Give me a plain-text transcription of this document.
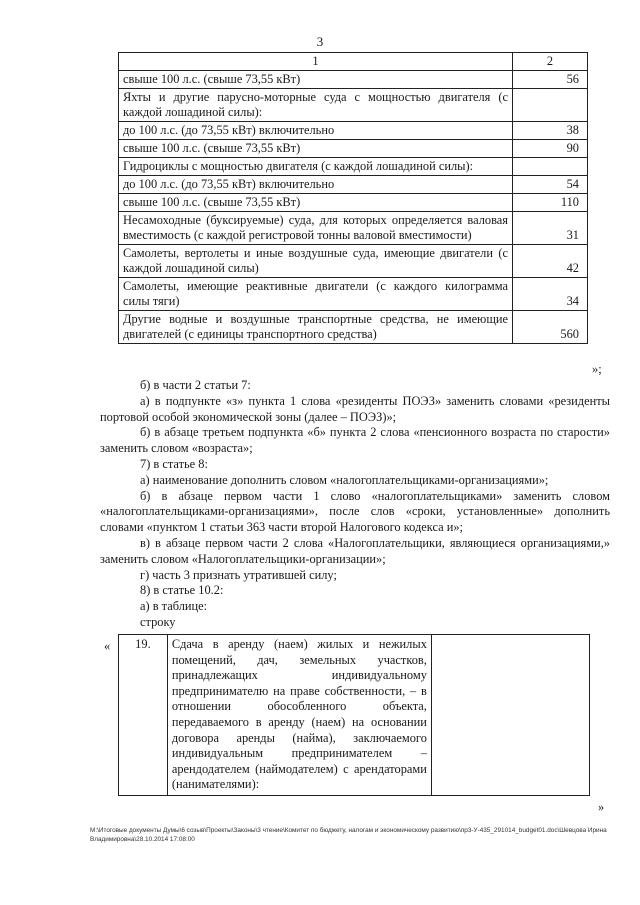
3
1	2
свыше 100 л.с. (свыше 73,55 кВт)	56
Яхты и другие парусно-моторные суда с мощностью двигателя (с каждой лошадиной силы):	
до 100 л.с. (до 73,55 кВт) включительно	38
свыше 100 л.с. (свыше 73,55 кВт)	90
Гидроциклы с мощностью двигателя (с каждой лошадиной силы):	
до 100 л.с. (до 73,55 кВт) включительно	54
свыше 100 л.с. (свыше 73,55 кВт)	110
Несамоходные (буксируемые) суда, для которых определяется валовая вместимость (с каждой регистровой тонны валовой вместимости)	31
Самолеты, вертолеты и иные воздушные суда, имеющие двигатели (с каждой лошадиной силы)	42
Самолеты, имеющие реактивные двигатели (с каждого килограмма силы тяги)	34
Другие водные и воздушные транспортные средства, не имеющие двигателей (с единицы транспортного средства)	560
»;

б) в части 2 статьи 7:

а) в подпункте «з» пункта 1 слова «резиденты ПОЭЗ» заменить словами «резиденты портовой особой экономической зоны (далее – ПОЭЗ)»;

б) в абзаце третьем подпункта «б» пункта 2 слова «пенсионного возраста по старости» заменить словом «возраста»;

7) в статье 8:

а) наименование дополнить словом «налогоплательщиками-организациями»;

б) в абзаце первом части 1 слово «налогоплательщиками» заменить словом «налогоплательщиками-организациями», после слов «сроки, установленные» дополнить словами «пунктом 1 статьи 363 части второй Налогового кодекса и»;

в) в абзаце первом части 2 слова «Налогоплательщики, являющиеся организациями,» заменить словом «Налогоплательщики-организации»;

г) часть 3 признать утратившей силу;

8) в статье 10.2:

а) в таблице:

строку

« 19.	Сдача в аренду (наем) жилых и нежилых помещений, дач, земельных участков, принадлежащих индивидуальному предпринимателю на праве собственности, – в отношении обособленного объекта, передаваемого в аренду (наем) на основании договора аренды (найма), заключаемого индивидуальным предпринимателем – арендодателем (наймодателем) с арендаторами (нанимателями):	
»
M:\Итоговые документы Думы\6 созыв\Проекты\Законы\3 чтение\Комитет по бюджету, налогам и экономическому развитию\пр3-У-435_291014_budget01.doc\Шевцова Ирина Владимировна\28.10.2014 17:08:00
